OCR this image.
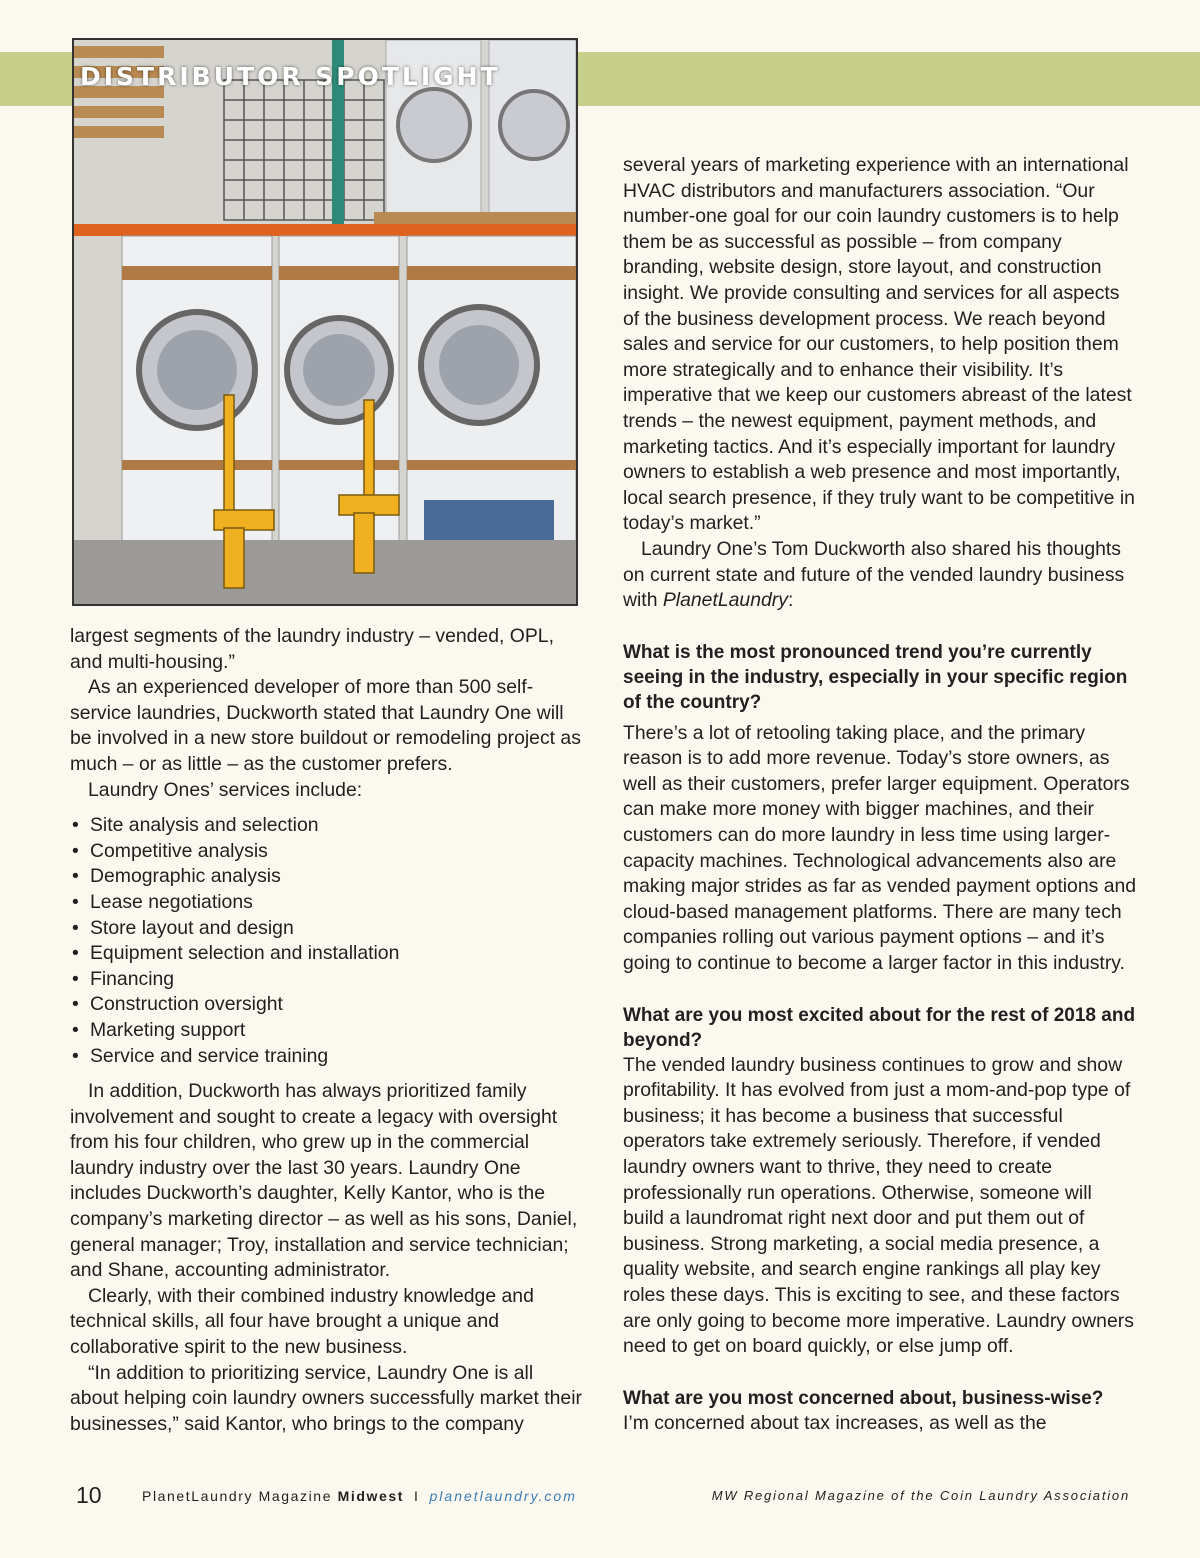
DISTRIBUTOR SPOTLIGHT

largest segments of the laundry industry – vended, OPL, and multi-housing.”

As an experienced developer of more than 500 self-service laundries, Duckworth stated that Laundry One will be involved in a new store buildout or remodeling project as much – or as little – as the customer prefers.

Laundry Ones’ services include:

• Site analysis and selection
• Competitive analysis
• Demographic analysis
• Lease negotiations
• Store layout and design
• Equipment selection and installation
• Financing
• Construction oversight
• Marketing support
• Service and service training

In addition, Duckworth has always prioritized family involvement and sought to create a legacy with oversight from his four children, who grew up in the commercial laundry industry over the last 30 years. Laundry One includes Duckworth’s daughter, Kelly Kantor, who is the company’s marketing director – as well as his sons, Daniel, general manager; Troy, installation and service technician; and Shane, accounting administrator.

Clearly, with their combined industry knowledge and technical skills, all four have brought a unique and collaborative spirit to the new business.

“In addition to prioritizing service, Laundry One is all about helping coin laundry owners successfully market their businesses,” said Kantor, who brings to the company

several years of marketing experience with an international HVAC distributors and manufacturers association. “Our number-one goal for our coin laundry customers is to help them be as successful as possible – from company branding, website design, store layout, and construction insight. We provide consulting and services for all aspects of the business development process. We reach beyond sales and service for our customers, to help position them more strategically and to enhance their visibility. It’s imperative that we keep our customers abreast of the latest trends – the newest equipment, payment methods, and marketing tactics. And it’s especially important for laundry owners to establish a web presence and most importantly, local search presence, if they truly want to be competitive in today’s market.”

Laundry One’s Tom Duckworth also shared his thoughts on current state and future of the vended laundry business with PlanetLaundry:

What is the most pronounced trend you’re currently seeing in the industry, especially in your specific region of the country?

There’s a lot of retooling taking place, and the primary reason is to add more revenue. Today’s store owners, as well as their customers, prefer larger equipment. Operators can make more money with bigger machines, and their customers can do more laundry in less time using larger-capacity machines. Technological advancements also are making major strides as far as vended payment options and cloud-based management platforms. There are many tech companies rolling out various payment options – and it’s going to continue to become a larger factor in this industry.

What are you most excited about for the rest of 2018 and beyond?

The vended laundry business continues to grow and show profitability. It has evolved from just a mom-and-pop type of business; it has become a business that successful operators take extremely seriously. Therefore, if vended laundry owners want to thrive, they need to create professionally run operations. Otherwise, someone will build a laundromat right next door and put them out of business. Strong marketing, a social media presence, a quality website, and search engine rankings all play key roles these days. This is exciting to see, and these factors are only going to become more imperative. Laundry owners need to get on board quickly, or else jump off.

What are you most concerned about, business-wise?

I’m concerned about tax increases, as well as the

10	PlanetLaundry Magazine Midwest I planetlaundry.com	MW Regional Magazine of the Coin Laundry Association
